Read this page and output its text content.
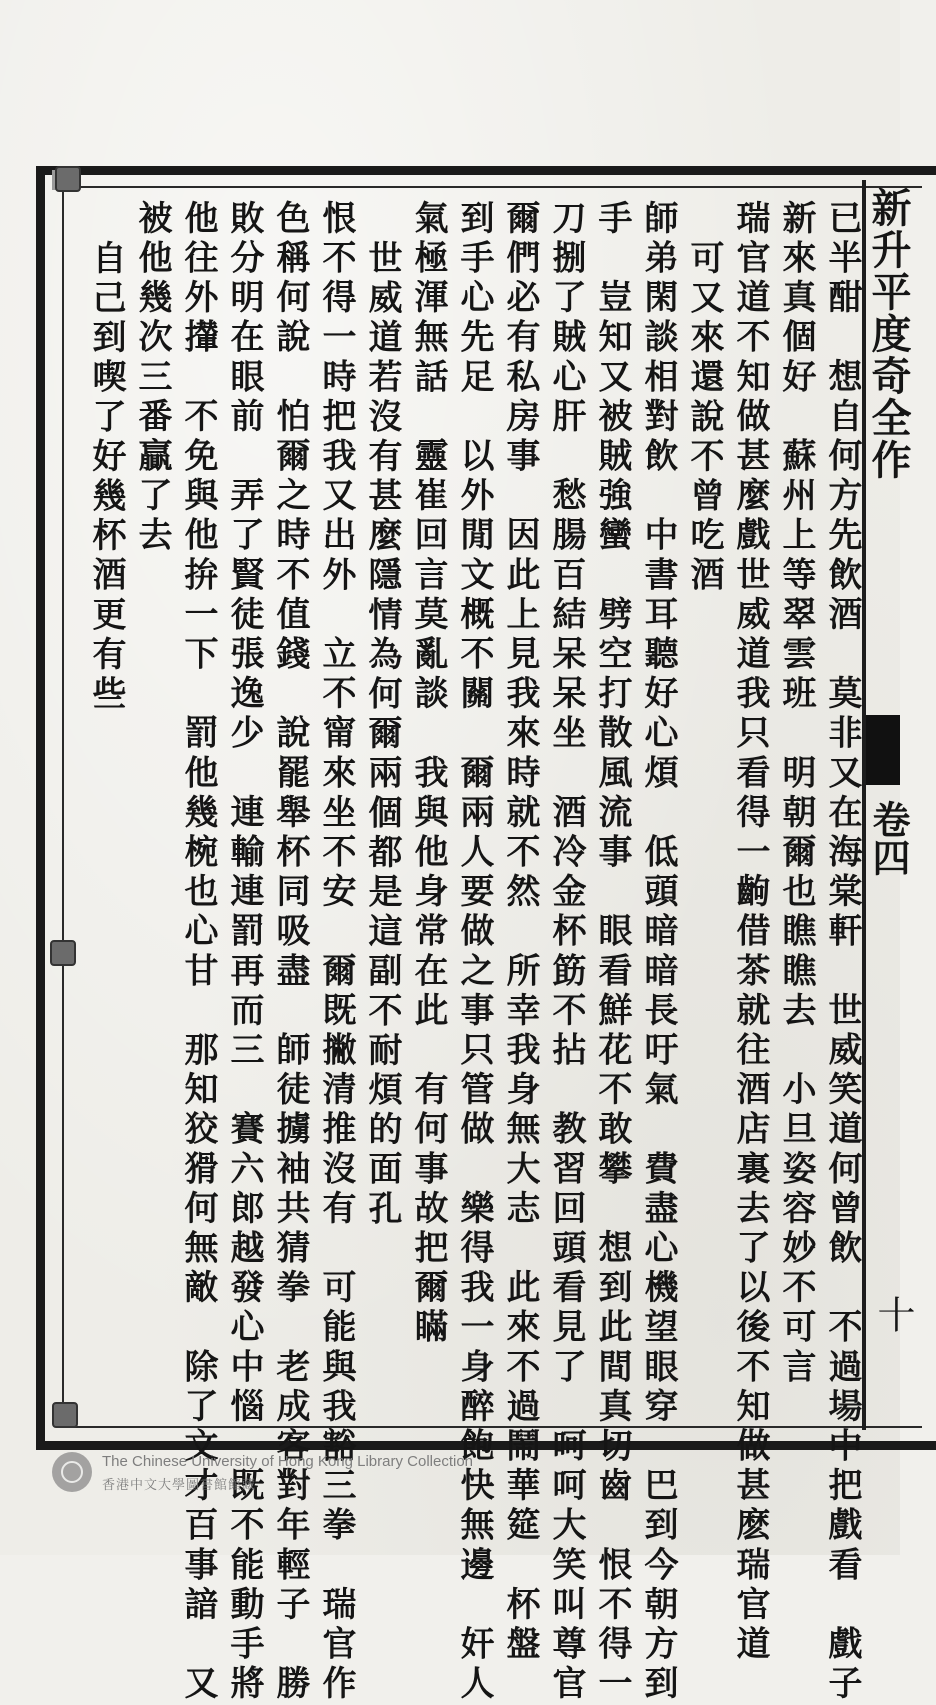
新升平度奇全作
卷四
十
已半酣　想自何方先飲酒　莫非又在海棠軒　世威笑道何曾飲　不過場中把戲看　戲子
新來真個好　蘇州上等翠雲班　明朝爾也瞧瞧去　小旦姿容妙不可言
瑞官道不知做甚麼戲世威道我只看得一齣借茶就往酒店裏去了以後不知做甚麽瑞官道
可又來還說不曾吃酒
師弟閑談相對飲　中書耳聽好心煩　低頭暗暗長吁氣　費盡心機望眼穿　巴到今朝方到
手　豈知又被賊強蠻　劈空打散風流事　眼看鮮花不敢攀　想到此間真切齒　恨不得一
刀捌了賊心肝　愁腸百結呆呆坐　酒冷金杯筯不拈　教習回頭看見了　呵呵大笑叫尊官
爾們必有私房事　因此上見我來時就不然　所幸我身無大志　此來不過鬧華筵　杯盤
到手心先足　以外閒文概不關　爾兩人要做之事只管做　樂得我一身醉飽快無邊　奸人
氣極渾無話　靈崔回言莫亂談　我與他身常在此　有何事故把爾瞞
世威道若沒有甚麼隱情為何爾兩個都是這副不耐煩的面孔
恨不得一時把我又出外　立不甯來坐不安　爾既撇清推沒有　可能與我豁三拳　瑞官作
色稱何說　怕爾之時不值錢　說罷舉杯同吸盡　師徒擄袖共猜拳　老成客對年輕子　勝
敗分明在眼前　弄了賢徒張逸少　連輸連罰再而三　賽六郎越發心中惱　既不能動手將
他往外攆　不免與他拚一下　罰他幾椀也心甘　那知狡猾何無敵　除了文才百事諳　又
被他幾次三番贏了去
自己到喫了好幾杯酒更有些
The Chinese University of Hong Kong Library Collection
香港中文大學圖書館館藏
